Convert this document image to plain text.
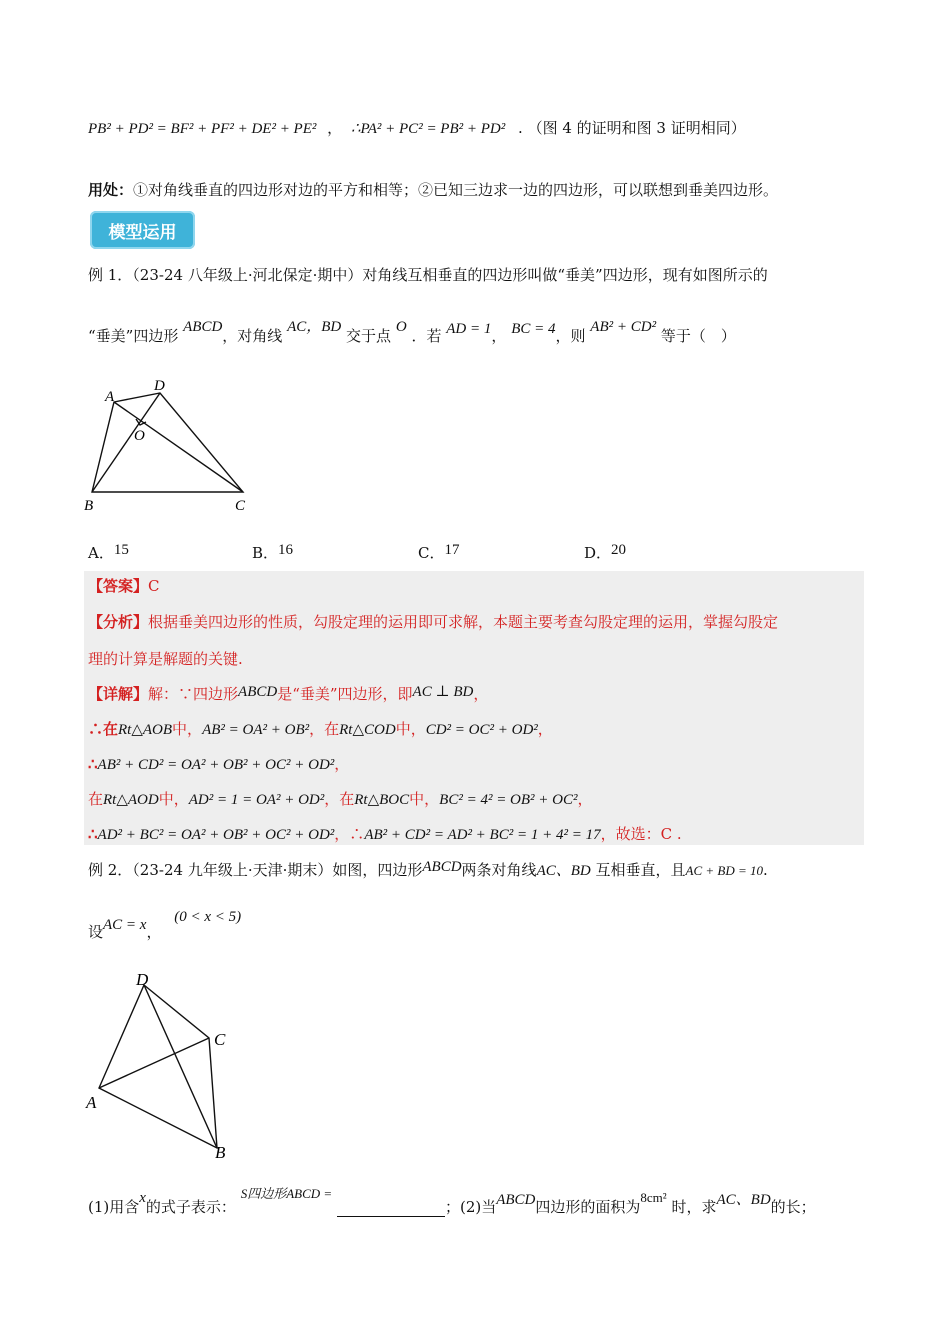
PB² + PD² = BF² + PF² + DE² + PE² ， ∴PA² + PC² = PB² + PD² . （图 4 的证明和图 3 证明相同）
用处：①对角线垂直的四边形对边的平方和相等；②已知三边求一边的四边形，可以联想到垂美四边形。
模型运用
例 1．（23-24 八年级上·河北保定·期中）对角线互相垂直的四边形叫做“垂美”四边形，现有如图所示的
“垂美”四边形 ABCD，对角线 AC，BD 交于点 O ．若 AD = 1， BC = 4，则 AB² + CD² 等于（　）
A
D
O
B	C
A．15	B．16	C．17	D．20
【答案】C
【分析】根据垂美四边形的性质，勾股定理的运用即可求解，本题主要考查勾股定理的运用，掌握勾股定
理的计算是解题的关键.
【详解】解：∵四边形ABCD是“垂美”四边形，即AC ⊥ BD，
∴在Rt△AOB中，AB² = OA² + OB²，在Rt△COD中，CD² = OC² + OD²，
∴AB² + CD² = OA² + OB² + OC² + OD²，
在Rt△AOD中，AD² = 1 = OA² + OD²，在Rt△BOC中，BC² = 4² = OB² + OC²，
∴AD² + BC² = OA² + OB² + OC² + OD²，∴AB² + CD² = AD² + BC² = 1 + 4² = 17，故选：C .
例 2．（23-24 九年级上·天津·期末）如图，四边形ABCD两条对角线AC、BD 互相垂直，且AC + BD = 10.
设AC = x， (0 < x < 5)
D
C
A
B
(1)用含x的式子表示： S四边形ABCD = ；(2)当ABCD四边形的面积为8cm² 时，求AC、BD的长；
